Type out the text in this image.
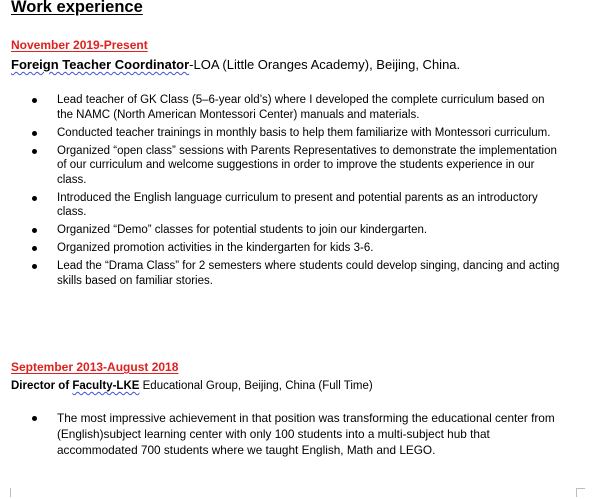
Work experience
November 2019-Present
Foreign Teacher Coordinator-LOA (Little Oranges Academy), Beijing, China.
Lead teacher of GK Class (5–6-year old’s) where I developed the complete curriculum based on the NAMC (North American Montessori Center) manuals and materials.
Conducted teacher trainings in monthly basis to help them familiarize with Montessori curriculum.
Organized “open class” sessions with Parents Representatives to demonstrate the implementation of our curriculum and welcome suggestions in order to improve the students experience in our class.
Introduced the English language curriculum to present and potential parents as an introductory class.
Organized “Demo” classes for potential students to join our kindergarten.
Organized promotion activities in the kindergarten for kids 3-6.
Lead the “Drama Class” for 2 semesters where students could develop singing, dancing and acting skills based on familiar stories.
September 2013-August 2018
Director of Faculty-LKE Educational Group, Beijing, China (Full Time)
The most impressive achievement in that position was transforming the educational center from (English)subject learning center with only 100 students into a multi-subject hub that accommodated 700 students where we taught English, Math and LEGO.
